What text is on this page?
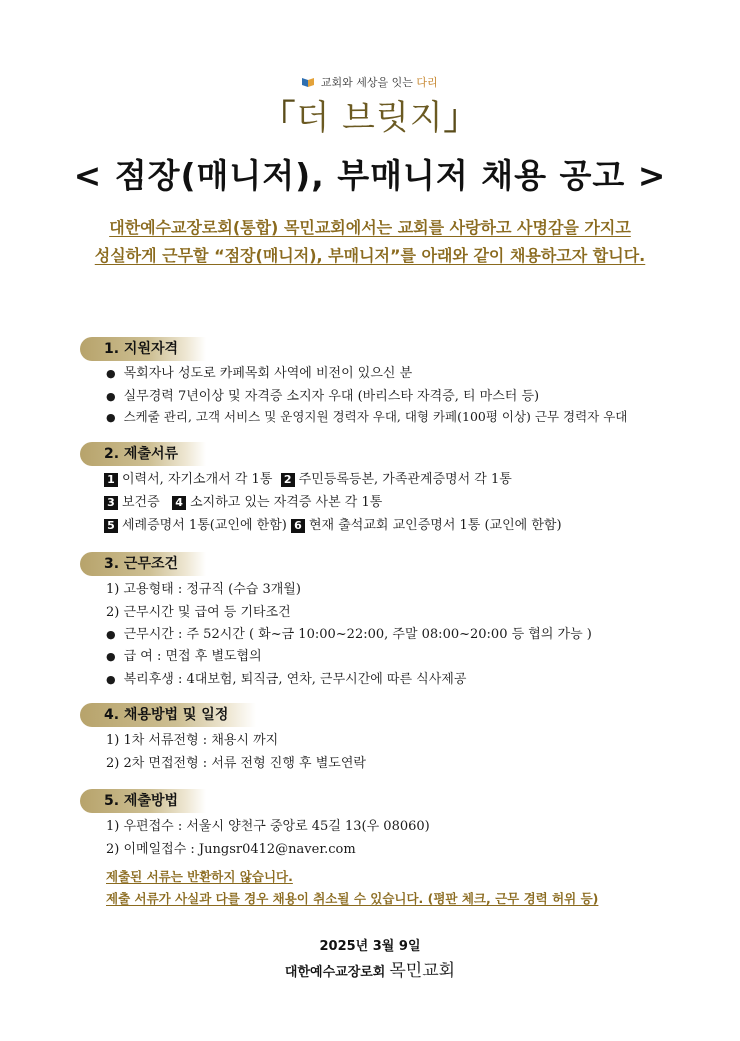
교회와 세상을 잇는 다리
「더 브릿지」
< 점장(매니저), 부매니저 채용 공고 >
대한예수교장로회(통합) 목민교회에서는 교회를 사랑하고 사명감을 가지고
성실하게 근무할 “점장(매니저), 부매니저”를 아래와 같이 채용하고자 합니다.
1. 지원자격
● 목회자나 성도로 카페목회 사역에 비전이 있으신 분
● 실무경력 7년이상 및 자격증 소지자 우대 (바리스타 자격증, 티 마스터 등)
● 스케줄 관리, 고객 서비스 및 운영지원 경력자 우대, 대형 카페(100평 이상) 근무 경력자 우대
2. 제출서류
1 이력서, 자기소개서 각 1통 2 주민등록등본, 가족관계증명서 각 1통
3 보건증 4 소지하고 있는 자격증 사본 각 1통
5 세례증명서 1통(교인에 한함) 6 현재 출석교회 교인증명서 1통 (교인에 한함)
3. 근무조건
1) 고용형태 : 정규직 (수습 3개월)
2) 근무시간 및 급여 등 기타조건
● 근무시간 : 주 52시간 ( 화~금 10:00~22:00, 주말 08:00~20:00 등 협의 가능 )
● 급 여 : 면접 후 별도협의
● 복리후생 : 4대보험, 퇴직금, 연차, 근무시간에 따른 식사제공
4. 채용방법 및 일정
1) 1차 서류전형 : 채용시 까지
2) 2차 면접전형 : 서류 전형 진행 후 별도연락
5. 제출방법
1) 우편접수 : 서울시 양천구 중앙로 45길 13(우 08060)
2) 이메일접수 : Jungsr0412@naver.com
제출된 서류는 반환하지 않습니다.
제출 서류가 사실과 다를 경우 채용이 취소될 수 있습니다. (평판 체크, 근무 경력 허위 등)
2025년 3월 9일
대한예수교장로회 목민교회
